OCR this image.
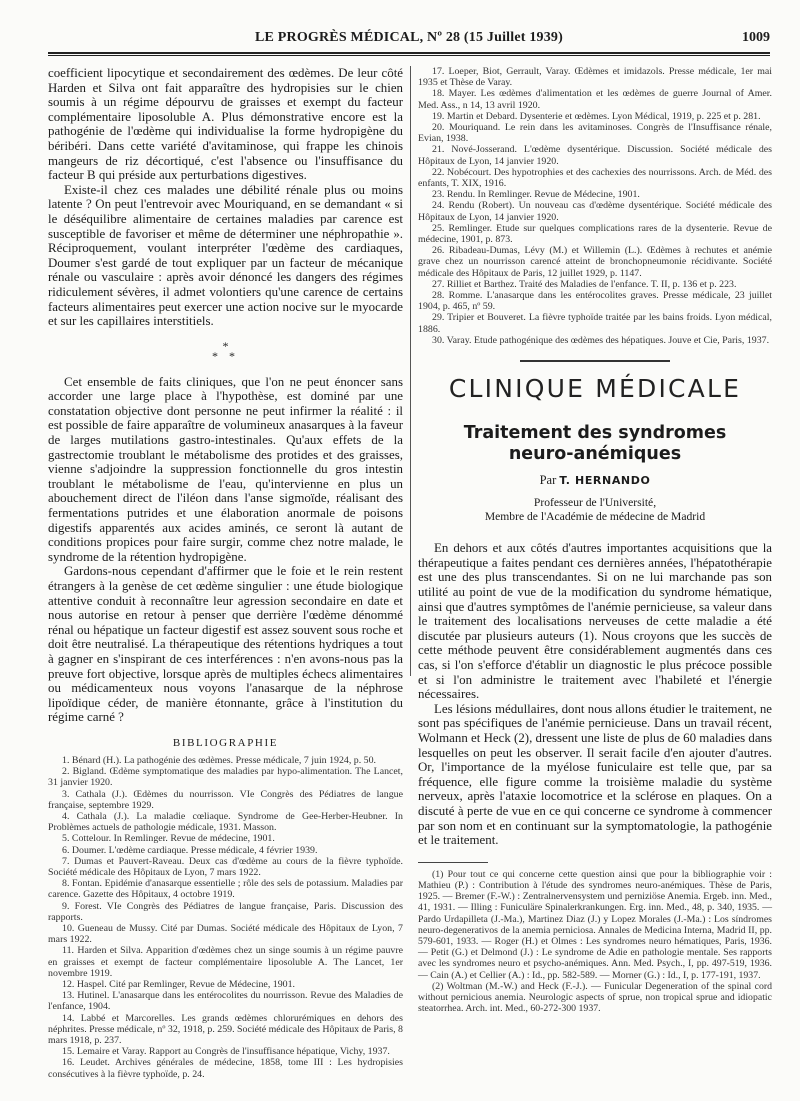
LE PROGRÈS MÉDICAL, Nº 28 (15 Juillet 1939)	1009

coefficient lipocytique et secondairement des œdèmes. De leur côté Harden et Silva ont fait apparaître des hydropisies sur le chien soumis à un régime dépourvu de graisses et exempt du facteur complémentaire liposoluble A. Plus démonstrative encore est la pathogénie de l'œdème qui individualise la forme hydropigène du béribéri. Dans cette variété d'avitaminose, qui frappe les chinois mangeurs de riz décortiqué, c'est l'absence ou l'insuffisance du facteur B qui préside aux perturbations digestives.

Existe-il chez ces malades une débilité rénale plus ou moins latente ? On peut l'entrevoir avec Mouriquand, en se demandant « si le déséquilibre alimentaire de certaines maladies par carence est susceptible de favoriser et même de déterminer une néphropathie ». Réciproquement, voulant interpréter l'œdème des cardiaques, Doumer s'est gardé de tout expliquer par un facteur de mécanique rénale ou vasculaire : après avoir dénoncé les dangers des régimes ridiculement sévères, il admet volontiers qu'une carence de certains facteurs alimentaires peut exercer une action nocive sur le myocarde et sur les capillaires interstitiels.

*
* *

Cet ensemble de faits cliniques, que l'on ne peut énoncer sans accorder une large place à l'hypothèse, est dominé par une constatation objective dont personne ne peut infirmer la réalité : il est possible de faire apparaître de volumineux anasarques à la faveur de larges mutilations gastro-intestinales. Qu'aux effets de la gastrectomie troublant le métabolisme des protides et des graisses, vienne s'adjoindre la suppression fonctionnelle du gros intestin troublant le métabolisme de l'eau, qu'intervienne en plus un abouchement direct de l'iléon dans l'anse sigmoïde, réalisant des fermentations putrides et une élaboration anormale de poisons digestifs apparentés aux acides aminés, ce seront là autant de conditions propices pour faire surgir, comme chez notre malade, le syndrome de la rétention hydropigène.

Gardons-nous cependant d'affirmer que le foie et le rein restent étrangers à la genèse de cet œdème singulier : une étude biologique attentive conduit à reconnaître leur agression secondaire en date et nous autorise en retour à penser que derrière l'œdème dénommé rénal ou hépatique un facteur digestif est assez souvent sous roche et doit être neutralisé. La thérapeutique des rétentions hydriques a tout à gagner en s'inspirant de ces interférences : n'en avons-nous pas la preuve fort objective, lorsque après de multiples échecs alimentaires ou médicamenteux nous voyons l'anasarque de la néphrose lipoïdique céder, de manière étonnante, grâce à l'institution du régime carné ?

BIBLIOGRAPHIE

1. Bénard (H.). La pathogénie des œdèmes. Presse médicale, 7 juin 1924, p. 50.

2. Bigland. Œdème symptomatique des maladies par hypo-alimentation. The Lancet, 31 janvier 1920.

3. Cathala (J.). Œdèmes du nourrisson. VIe Congrès des Pédiatres de langue française, septembre 1929.

4. Cathala (J.). La maladie cœliaque. Syndrome de Gee-Herber-Heubner. In Problèmes actuels de pathologie médicale, 1931. Masson.

5. Cottelour. In Remlinger. Revue de médecine, 1901.

6. Doumer. L'œdème cardiaque. Presse médicale, 4 février 1939.

7. Dumas et Pauvert-Raveau. Deux cas d'œdème au cours de la fièvre typhoïde. Société médicale des Hôpitaux de Lyon, 7 mars 1922.

8. Fontan. Epidémie d'anasarque essentielle ; rôle des sels de potassium. Maladies par carence. Gazette des Hôpitaux, 4 octobre 1919.

9. Forest. VIe Congrès des Pédiatres de langue française, Paris. Discussion des rapports.

10. Gueneau de Mussy. Cité par Dumas. Société médicale des Hôpitaux de Lyon, 7 mars 1922.

11. Harden et Silva. Apparition d'œdèmes chez un singe soumis à un régime pauvre en graisses et exempt de facteur complémentaire liposoluble A. The Lancet, 1er novembre 1919.

12. Haspel. Cité par Remlinger, Revue de Médecine, 1901.

13. Hutinel. L'anasarque dans les entérocolites du nourrisson. Revue des Maladies de l'enfance, 1904.

14. Labbé et Marcorelles. Les grands œdèmes chlorurémiques en dehors des néphrites. Presse médicale, nº 32, 1918, p. 259. Société médicale des Hôpitaux de Paris, 8 mars 1918, p. 237.

15. Lemaire et Varay. Rapport au Congrès de l'insuffisance hépatique, Vichy, 1937.

16. Leudet. Archives générales de médecine, 1858, tome III : Les hydropisies consécutives à la fièvre typhoïde, p. 24.

17. Loeper, Biot, Gerrault, Varay. Œdèmes et imidazols. Presse médicale, 1er mai 1935 et Thèse de Varay.

18. Mayer. Les œdèmes d'alimentation et les œdèmes de guerre Journal of Amer. Med. Ass., n 14, 13 avril 1920.

19. Martin et Debard. Dysenterie et œdèmes. Lyon Médical, 1919, p. 225 et p. 281.

20. Mouriquand. Le rein dans les avitaminoses. Congrès de l'Insuffisance rénale, Evian, 1938.

21. Nové-Josserand. L'œdème dysentérique. Discussion. Société médicale des Hôpitaux de Lyon, 14 janvier 1920.

22. Nobécourt. Des hypotrophies et des cachexies des nourrissons. Arch. de Méd. des enfants, T. XIX, 1916.

23. Rendu. In Remlinger. Revue de Médecine, 1901.

24. Rendu (Robert). Un nouveau cas d'œdème dysentérique. Société médicale des Hôpitaux de Lyon, 14 janvier 1920.

25. Remlinger. Etude sur quelques complications rares de la dysenterie. Revue de médecine, 1901, p. 873.

26. Ribadeau-Dumas, Lévy (M.) et Willemin (L.). Œdèmes à rechutes et anémie grave chez un nourrisson carencé atteint de bronchopneumonie récidivante. Société médicale des Hôpitaux de Paris, 12 juillet 1929, p. 1147.

27. Rilliet et Barthez. Traité des Maladies de l'enfance. T. II, p. 136 et p. 223.

28. Romme. L'anasarque dans les entérocolites graves. Presse médicale, 23 juillet 1904, p. 465, nº 59.

29. Tripier et Bouveret. La fièvre typhoïde traitée par les bains froids. Lyon médical, 1886.

30. Varay. Etude pathogénique des œdèmes des hépatiques. Jouve et Cie, Paris, 1937.

CLINIQUE MÉDICALE
Traitement des syndromes
neuro-anémiques
Par T. HERNANDO
Professeur de l'Université,
Membre de l'Académie de médecine de Madrid

En dehors et aux côtés d'autres importantes acquisitions que la thérapeutique a faites pendant ces dernières années, l'hépatothérapie est une des plus transcendantes. Si on ne lui marchande pas son utilité au point de vue de la modification du syndrome hématique, ainsi que d'autres symptômes de l'anémie pernicieuse, sa valeur dans le traitement des localisations nerveuses de cette maladie a été discutée par plusieurs auteurs (1). Nous croyons que les succès de cette méthode peuvent être considérablement augmentés dans ces cas, si l'on s'efforce d'établir un diagnostic le plus précoce possible et si l'on administre le traitement avec l'habileté et l'énergie nécessaires.

Les lésions médullaires, dont nous allons étudier le traitement, ne sont pas spécifiques de l'anémie pernicieuse. Dans un travail récent, Wolmann et Heck (2), dressent une liste de plus de 60 maladies dans lesquelles on peut les observer. Il serait facile d'en ajouter d'autres. Or, l'importance de la myélose funiculaire est telle que, par sa fréquence, elle figure comme la troisième maladie du système nerveux, après l'ataxie locomotrice et la sclérose en plaques. On a discuté à perte de vue en ce qui concerne ce syndrome à commencer par son nom et en continuant sur la symptomatologie, la pathogénie et le traitement.

(1) Pour tout ce qui concerne cette question ainsi que pour la bibliographie voir : Mathieu (P.) : Contribution à l'étude des syndromes neuro-anémiques. Thèse de Paris, 1925. — Bremer (F.-W.) : Zentralnervensystem und perniziöse Anemia. Ergeb. inn. Med., 41, 1931. — Illing : Funiculäre Spinalerkrankungen. Erg. inn. Med., 48, p. 340, 1935. — Pardo Urdapilleta (J.-Ma.), Martinez Diaz (J.) y Lopez Morales (J.-Ma.) : Los síndromes neuro-degenerativos de la anemia perniciosa. Annales de Medicina Interna, Madrid II, pp. 579-601, 1933. — Roger (H.) et Olmes : Les syndromes neuro hématiques, Paris, 1936. — Petit (G.) et Delmond (J.) : Le syndrome de Adie en pathologie mentale. Ses rapports avec les syndromes neuro et psycho-anémiques. Ann. Med. Psych., I, pp. 497-519, 1936. — Cain (A.) et Cellier (A.) : Id., pp. 582-589. — Morner (G.) : Id., I, p. 177-191, 1937.

(2) Woltman (M.-W.) and Heck (F.-J.). — Funicular Degeneration of the spinal cord without pernicious anemia. Neurologic aspects of sprue, non tropical sprue and idiopatic steatorrhea. Arch. int. Med., 60-272-300 1937.
